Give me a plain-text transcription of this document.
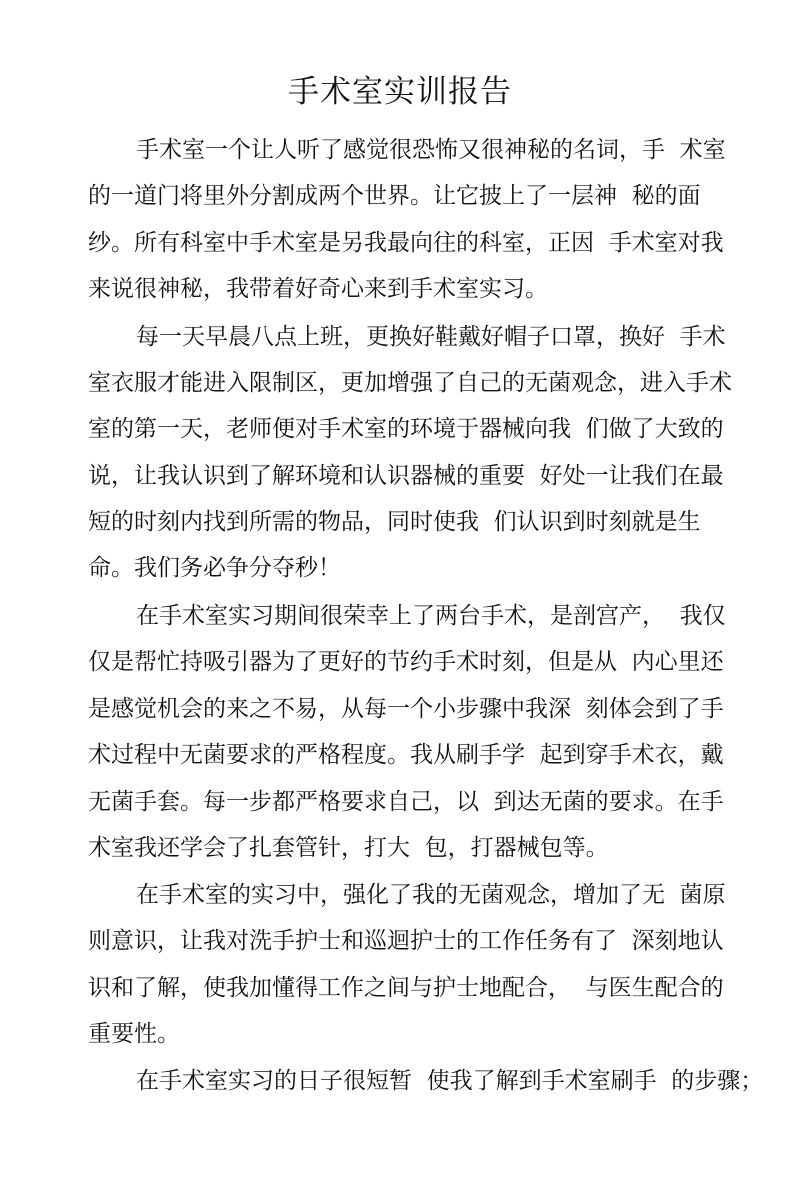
手术室实训报告
手术室一个让人听了感觉很恐怖又很神秘的名词，手  术室
的一道门将里外分割成两个世界。让它披上了一层神  秘的面
纱。所有科室中手术室是另我最向往的科室，正因  手术室对我
来说很神秘，我带着好奇心来到手术室实习。
每一天早晨八点上班，更换好鞋戴好帽子口罩，换好  手术
室衣服才能进入限制区，更加增强了自己的无菌观念，进入手术
室的第一天，老师便对手术室的环境于器械向我  们做了大致的
说，让我认识到了解环境和认识器械的重要  好处一让我们在最
短的时刻内找到所需的物品，同时使我  们认识到时刻就是生
命。我们务必争分夺秒！
在手术室实习期间很荣幸上了两台手术，是剖宫产，  我仅
仅是帮忙持吸引器为了更好的节约手术时刻，但是从  内心里还
是感觉机会的来之不易，从每一个小步骤中我深  刻体会到了手
术过程中无菌要求的严格程度。我从刷手学  起到穿手术衣，戴
无菌手套。每一步都严格要求自己，以  到达无菌的要求。在手
术室我还学会了扎套管针，打大  包，打器械包等。
在手术室的实习中，强化了我的无菌观念，增加了无  菌原
则意识，让我对洗手护士和巡迴护士的工作任务有了  深刻地认
识和了解，使我加懂得工作之间与护士地配合，  与医生配合的
重要性。
在手术室实习的日子很短暂  使我了解到手术室刷手  的步骤；
